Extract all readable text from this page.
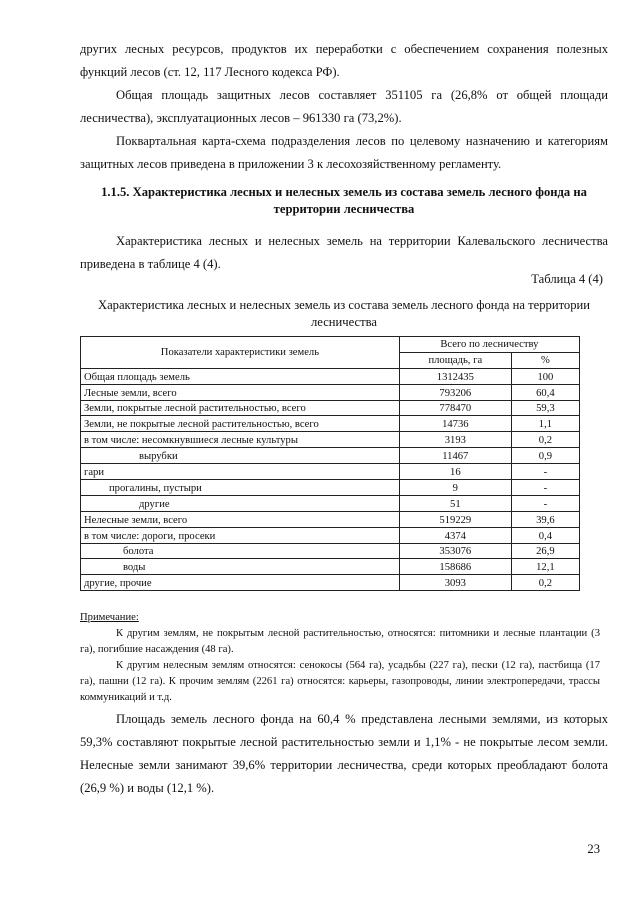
других лесных ресурсов, продуктов их переработки с обеспечением сохранения полезных функций лесов (ст. 12, 117 Лесного кодекса РФ).

Общая площадь защитных лесов составляет 351105 га (26,8% от общей площади лесничества), эксплуатационных лесов – 961330 га (73,2%).

Поквартальная карта-схема подразделения лесов по целевому назначению и категориям защитных лесов приведена в приложении 3 к лесохозяйственному регламенту.

1.1.5. Характеристика лесных и нелесных земель из состава земель лесного фонда на территории лесничества

Характеристика лесных и нелесных земель на территории Калевальского лесничества приведена в таблице 4 (4).

Таблица 4 (4)
Характеристика лесных и нелесных земель из состава земель лесного фонда на территории лесничества
Показатели характеристики земель	Всего по лесничеству	
	площадь, га	%
Общая площадь земель	1312435	100
Лесные земли, всего	793206	60,4
Земли, покрытые лесной растительностью, всего	778470	59,3
Земли, не покрытые лесной растительностью, всего	14736	1,1
в том числе: несомкнувшиеся лесные культуры	3193	0,2
вырубки	11467	0,9
гари	16	-
прогалины, пустыри	9	-
другие	51	-
Нелесные земли, всего	519229	39,6
в том числе: дороги, просеки	4374	0,4
болота	353076	26,9
воды	158686	12,1
другие, прочие	3093	0,2
Примечание:

К другим землям, не покрытым лесной растительностью, относятся: питомники и лесные плантации (3 га), погибшие насаждения (48 га).

К другим нелесным землям относятся: сенокосы (564 га), усадьбы (227 га), пески (12 га), пастбища (17 га), пашни (12 га). К прочим землям (2261 га) относятся: карьеры, газопроводы, линии электропередачи, трассы коммуникаций и т.д.

Площадь земель лесного фонда на 60,4 % представлена лесными землями, из которых 59,3% составляют покрытые лесной растительностью земли и 1,1% - не покрытые лесом земли. Нелесные земли занимают 39,6% территории лесничества, среди которых преобладают болота (26,9 %) и воды (12,1 %).

23
